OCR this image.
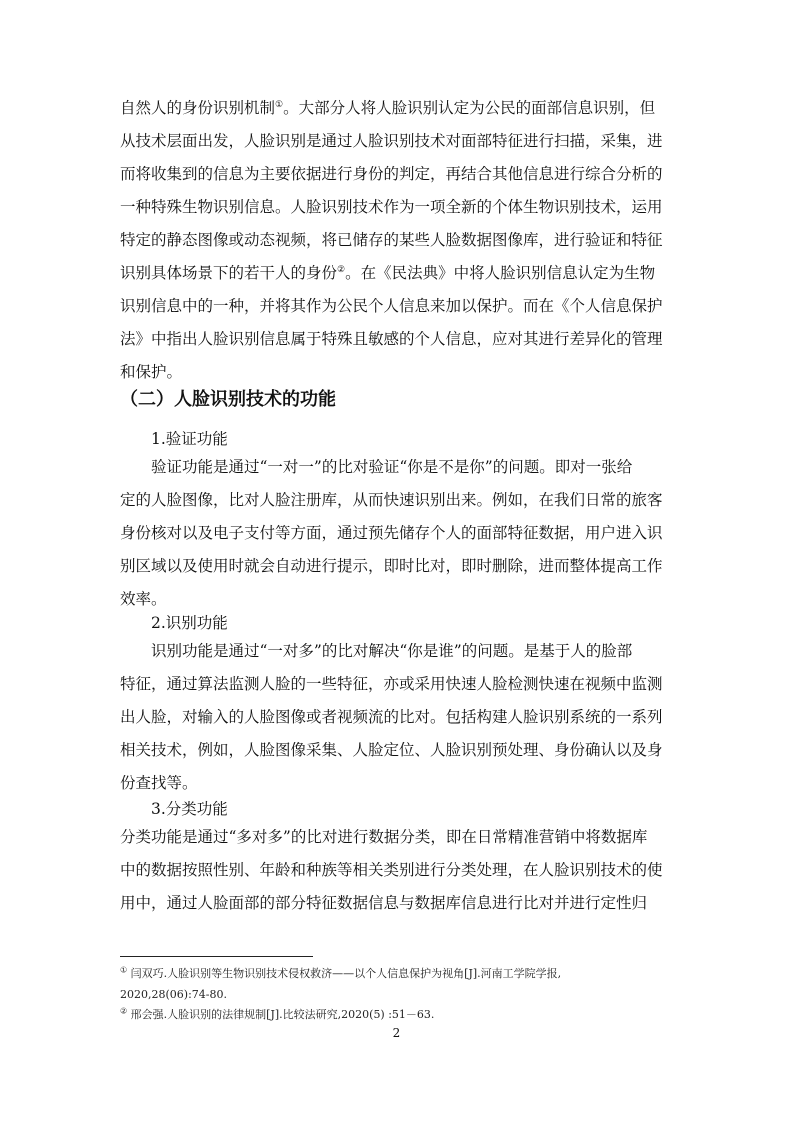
自然人的身份识别机制①。大部分人将人脸识别认定为公民的面部信息识别，但
从技术层面出发，人脸识别是通过人脸识别技术对面部特征进行扫描，采集，进
而将收集到的信息为主要依据进行身份的判定，再结合其他信息进行综合分析的
一种特殊生物识别信息。人脸识别技术作为一项全新的个体生物识别技术，运用
特定的静态图像或动态视频，将已储存的某些人脸数据图像库，进行验证和特征
识别具体场景下的若干人的身份②。在《民法典》中将人脸识别信息认定为生物
识别信息中的一种，并将其作为公民个人信息来加以保护。而在《个人信息保护
法》中指出人脸识别信息属于特殊且敏感的个人信息，应对其进行差异化的管理
和保护。
（二）人脸识别技术的功能
1.验证功能
验证功能是通过“一对一”的比对验证“你是不是你”的问题。即对一张给
定的人脸图像，比对人脸注册库，从而快速识别出来。例如，在我们日常的旅客
身份核对以及电子支付等方面，通过预先储存个人的面部特征数据，用户进入识
别区域以及使用时就会自动进行提示，即时比对，即时删除，进而整体提高工作
效率。
2.识别功能
识别功能是通过“一对多”的比对解决“你是谁”的问题。是基于人的脸部
特征，通过算法监测人脸的一些特征，亦或采用快速人脸检测快速在视频中监测
出人脸，对输入的人脸图像或者视频流的比对。包括构建人脸识别系统的一系列
相关技术，例如，人脸图像采集、人脸定位、人脸识别预处理、身份确认以及身
份查找等。
3.分类功能
分类功能是通过“多对多”的比对进行数据分类，即在日常精准营销中将数据库
中的数据按照性别、年龄和种族等相关类别进行分类处理，在人脸识别技术的使
用中，通过人脸面部的部分特征数据信息与数据库信息进行比对并进行定性归
① 闫双巧.人脸识别等生物识别技术侵权救济——以个人信息保护为视角[J].河南工学院学报,
2020,28(06):74-80.
② 邢会强.人脸识别的法律规制[J].比较法研究,2020(5) :51－63.
2
